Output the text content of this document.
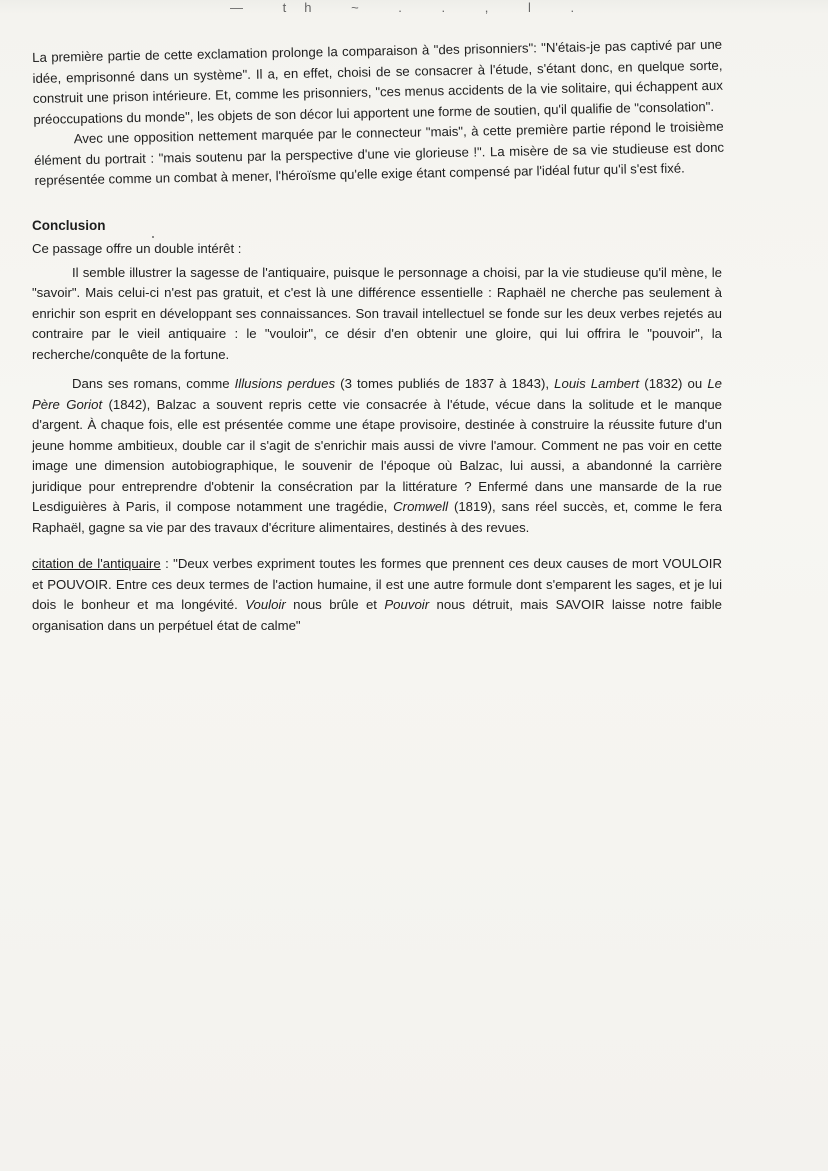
— th ~ . . , l .

La première partie de cette exclamation prolonge la comparaison à "des prisonniers": "N'étais-je pas captivé par une idée, emprisonné dans un système". Il a, en effet, choisi de se consacrer à l'étude, s'étant donc, en quelque sorte, construit une prison intérieure. Et, comme les prisonniers, "ces menus accidents de la vie solitaire, qui échappent aux préoccupations du monde", les objets de son décor lui apportent une forme de soutien, qu'il qualifie de "consolation".

Avec une opposition nettement marquée par le connecteur "mais", à cette première partie répond le troisième élément du portrait : "mais soutenu par la perspective d'une vie glorieuse !". La misère de sa vie studieuse est donc représentée comme un combat à mener, l'héroïsme qu'elle exige étant compensé par l'idéal futur qu'il s'est fixé.

Conclusion

Ce passage offre un double intérêt :

Il semble illustrer la sagesse de l'antiquaire, puisque le personnage a choisi, par la vie studieuse qu'il mène, le "savoir". Mais celui-ci n'est pas gratuit, et c'est là une différence essentielle : Raphaël ne cherche pas seulement à enrichir son esprit en développant ses connaissances. Son travail intellectuel se fonde sur les deux verbes rejetés au contraire par le vieil antiquaire : le "vouloir", ce désir d'en obtenir une gloire, qui lui offrira le "pouvoir", la recherche/conquête de la fortune.

Dans ses romans, comme Illusions perdues (3 tomes publiés de 1837 à 1843), Louis Lambert (1832) ou Le Père Goriot (1842), Balzac a souvent repris cette vie consacrée à l'étude, vécue dans la solitude et le manque d'argent. À chaque fois, elle est présentée comme une étape provisoire, destinée à construire la réussite future d'un jeune homme ambitieux, double car il s'agit de s'enrichir mais aussi de vivre l'amour. Comment ne pas voir en cette image une dimension autobiographique, le souvenir de l'époque où Balzac, lui aussi, a abandonné la carrière juridique pour entreprendre d'obtenir la consécration par la littérature ? Enfermé dans une mansarde de la rue Lesdiguières à Paris, il compose notamment une tragédie, Cromwell (1819), sans réel succès, et, comme le fera Raphaël, gagne sa vie par des travaux d'écriture alimentaires, destinés à des revues.

citation de l'antiquaire : "Deux verbes expriment toutes les formes que prennent ces deux causes de mort VOULOIR et POUVOIR. Entre ces deux termes de l'action humaine, il est une autre formule dont s'emparent les sages, et je lui dois le bonheur et ma longévité. Vouloir nous brûle et Pouvoir nous détruit, mais SAVOIR laisse notre faible organisation dans un perpétuel état de calme"
